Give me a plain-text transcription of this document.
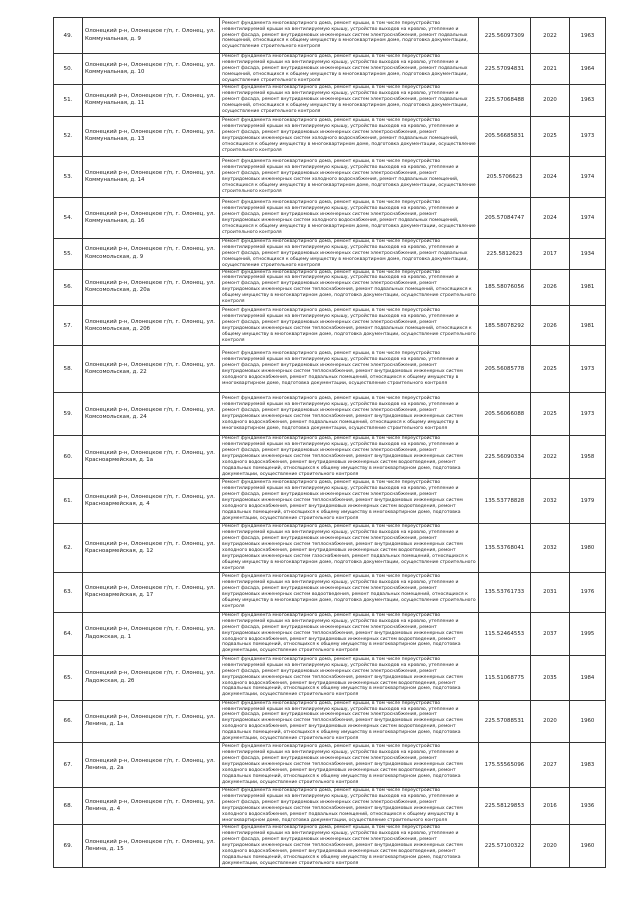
49.	Олонецкий р-н, Олонецкое г/п, г. Олонец, ул. Коммунальная, д. 9	Ремонт фундамента многоквартирного дома, ремонт крыши, в том числе переустройство невентилируемой крыши на вентилируемую крышу, устройство выходов на кровлю, утепление и ремонт фасада, ремонт внутридомовых инженерных систем электроснабжения, ремонт подвальных помещений, относящихся к общему имуществу в многоквартирном доме, подготовка документации, осуществление строительного контроля	225.56097309	2022	1963
50.	Олонецкий р-н, Олонецкое г/п, г. Олонец, ул. Коммунальная, д. 10	Ремонт фундамента многоквартирного дома, ремонт крыши, в том числе переустройство невентилируемой крыши на вентилируемую крышу, устройство выходов на кровлю, утепление и ремонт фасада, ремонт внутридомовых инженерных систем электроснабжения, ремонт подвальных помещений, относящихся к общему имуществу в многоквартирном доме, подготовка документации, осуществление строительного контроля	225.57094831	2021	1964
51.	Олонецкий р-н, Олонецкое г/п, г. Олонец, ул. Коммунальная, д. 11	Ремонт фундамента многоквартирного дома, ремонт крыши, в том числе переустройство невентилируемой крыши на вентилируемую крышу, устройство выходов на кровлю, утепление и ремонт фасада, ремонт внутридомовых инженерных систем электроснабжения, ремонт подвальных помещений, относящихся к общему имуществу в многоквартирном доме, подготовка документации, осуществление строительного контроля	225.57068488	2020	1963
52.	Олонецкий р-н, Олонецкое г/п, г. Олонец, ул. Коммунальная, д. 13	Ремонт фундамента многоквартирного дома, ремонт крыши, в том числе переустройство невентилируемой крыши на вентилируемую крышу, устройство выходов на кровлю, утепление и ремонт фасада, ремонт внутридомовых инженерных систем электроснабжения, ремонт внутридомовых инженерных систем холодного водоснабжения, ремонт подвальных помещений, относящихся к общему имуществу в многоквартирном доме, подготовка документации, осуществление строительного контроля	205.56685831	2025	1973
53.	Олонецкий р-н, Олонецкое г/п, г. Олонец, ул. Коммунальная, д. 14	Ремонт фундамента многоквартирного дома, ремонт крыши, в том числе переустройство невентилируемой крыши на вентилируемую крышу, устройство выходов на кровлю, утепление и ремонт фасада, ремонт внутридомовых инженерных систем электроснабжения, ремонт внутридомовых инженерных систем холодного водоснабжения, ремонт подвальных помещений, относящихся к общему имуществу в многоквартирном доме, подготовка документации, осуществление строительного контроля	205.5706623	2024	1974
54.	Олонецкий р-н, Олонецкое г/п, г. Олонец, ул. Коммунальная, д. 16	Ремонт фундамента многоквартирного дома, ремонт крыши, в том числе переустройство невентилируемой крыши на вентилируемую крышу, устройство выходов на кровлю, утепление и ремонт фасада, ремонт внутридомовых инженерных систем электроснабжения, ремонт внутридомовых инженерных систем холодного водоснабжения, ремонт подвальных помещений, относящихся к общему имуществу в многоквартирном доме, подготовка документации, осуществление строительного контроля	205.57084747	2024	1974
55.	Олонецкий р-н, Олонецкое г/п, г. Олонец, ул. Комсомольская, д. 9	Ремонт фундамента многоквартирного дома, ремонт крыши, в том числе переустройство невентилируемой крыши на вентилируемую крышу, устройство выходов на кровлю, утепление и ремонт фасада, ремонт внутридомовых инженерных систем электроснабжения, ремонт подвальных помещений, относящихся к общему имуществу в многоквартирном доме, подготовка документации, осуществление строительного контроля	225.5812623	2017	1934
56.	Олонецкий р-н, Олонецкое г/п, г. Олонец, ул. Комсомольская, д. 20а	Ремонт фундамента многоквартирного дома, ремонт крыши, в том числе переустройство невентилируемой крыши на вентилируемую крышу, устройство выходов на кровлю, утепление и ремонт фасада, ремонт внутридомовых инженерных систем электроснабжения, ремонт внутридомовых инженерных систем теплоснабжения, ремонт подвальных помещений, относящихся к общему имуществу в многоквартирном доме, подготовка документации, осуществление строительного контроля	185.58076056	2026	1981
57.	Олонецкий р-н, Олонецкое г/п, г. Олонец, ул. Комсомольская, д. 20б	Ремонт фундамента многоквартирного дома, ремонт крыши, в том числе переустройство невентилируемой крыши на вентилируемую крышу, устройство выходов на кровлю, утепление и ремонт фасада, ремонт внутридомовых инженерных систем электроснабжения, ремонт внутридомовых инженерных систем теплоснабжения, ремонт подвальных помещений, относящихся к общему имуществу в многоквартирном доме, подготовка документации, осуществление строительного контроля	185.58078292	2026	1981
58.	Олонецкий р-н, Олонецкое г/п, г. Олонец, ул. Комсомольская, д. 22	Ремонт фундамента многоквартирного дома, ремонт крыши, в том числе переустройство невентилируемой крыши на вентилируемую крышу, устройство выходов на кровлю, утепление и ремонт фасада, ремонт внутридомовых инженерных систем электроснабжения, ремонт внутридомовых инженерных систем теплоснабжения, ремонт внутридомовых инженерных систем холодного водоснабжения, ремонт подвальных помещений, относящихся к общему имуществу в многоквартирном доме, подготовка документации, осуществление строительного контроля	205.56085778	2025	1973
59.	Олонецкий р-н, Олонецкое г/п, г. Олонец, ул. Комсомольская, д. 24	Ремонт фундамента многоквартирного дома, ремонт крыши, в том числе переустройство невентилируемой крыши на вентилируемую крышу, устройство выходов на кровлю, утепление и ремонт фасада, ремонт внутридомовых инженерных систем электроснабжения, ремонт внутридомовых инженерных систем теплоснабжения, ремонт внутридомовых инженерных систем холодного водоснабжения, ремонт подвальных помещений, относящихся к общему имуществу в многоквартирном доме, подготовка документации, осуществление строительного контроля	205.56066088	2025	1973
60.	Олонецкий р-н, Олонецкое г/п, г. Олонец, ул. Красноармейская, д. 1а	Ремонт фундамента многоквартирного дома, ремонт крыши, в том числе переустройство невентилируемой крыши на вентилируемую крышу, устройство выходов на кровлю, утепление и ремонт фасада, ремонт внутридомовых инженерных систем электроснабжения, ремонт внутридомовых инженерных систем теплоснабжения, ремонт внутридомовых инженерных систем холодного водоснабжения, ремонт внутридомовых инженерных систем водоотведения, ремонт подвальных помещений, относящихся к общему имуществу в многоквартирном доме, подготовка документации, осуществление строительного контроля	225.56090334	2022	1958
61.	Олонецкий р-н, Олонецкое г/п, г. Олонец, ул. Красноармейская, д. 4	Ремонт фундамента многоквартирного дома, ремонт крыши, в том числе переустройство невентилируемой крыши на вентилируемую крышу, устройство выходов на кровлю, утепление и ремонт фасада, ремонт внутридомовых инженерных систем электроснабжения, ремонт внутридомовых инженерных систем теплоснабжения, ремонт внутридомовых инженерных систем холодного водоснабжения, ремонт внутридомовых инженерных систем водоотведения, ремонт подвальных помещений, относящихся к общему имуществу в многоквартирном доме, подготовка документации, осуществление строительного контроля	135.53778828	2032	1979
62.	Олонецкий р-н, Олонецкое г/п, г. Олонец, ул. Красноармейская, д. 12	Ремонт фундамента многоквартирного дома, ремонт крыши, в том числе переустройство невентилируемой крыши на вентилируемую крышу, устройство выходов на кровлю, утепление и ремонт фасада, ремонт внутридомовых инженерных систем электроснабжения, ремонт внутридомовых инженерных систем теплоснабжения, ремонт внутридомовых инженерных систем холодного водоснабжения, ремонт внутридомовых инженерных систем водоотведения, ремонт внутридомовых инженерных систем газоснабжения, ремонт подвальных помещений, относящихся к общему имуществу в многоквартирном доме, подготовка документации, осуществление строительного контроля	135.53768041	2032	1980
63.	Олонецкий р-н, Олонецкое г/п, г. Олонец, ул. Красноармейская, д. 17	Ремонт фундамента многоквартирного дома, ремонт крыши, в том числе переустройство невентилируемой крыши на вентилируемую крышу, устройство выходов на кровлю, утепление и ремонт фасада, ремонт внутридомовых инженерных систем электроснабжения, ремонт внутридомовых инженерных систем водоотведения, ремонт подвальных помещений, относящихся к общему имуществу в многоквартирном доме, подготовка документации, осуществление строительного контроля	135.53761733	2031	1976
64.	Олонецкий р-н, Олонецкое г/п, г. Олонец, ул. Ладожская, д. 1	Ремонт фундамента многоквартирного дома, ремонт крыши, в том числе переустройство невентилируемой крыши на вентилируемую крышу, устройство выходов на кровлю, утепление и ремонт фасада, ремонт внутридомовых инженерных систем электроснабжения, ремонт внутридомовых инженерных систем теплоснабжения, ремонт внутридомовых инженерных систем холодного водоснабжения, ремонт внутридомовых инженерных систем водоотведения, ремонт подвальных помещений, относящихся к общему имуществу в многоквартирном доме, подготовка документации, осуществление строительного контроля	115.52464553	2037	1995
65.	Олонецкий р-н, Олонецкое г/п, г. Олонец, ул. Ладожская, д. 2б	Ремонт фундамента многоквартирного дома, ремонт крыши, в том числе переустройство невентилируемой крыши на вентилируемую крышу, устройство выходов на кровлю, утепление и ремонт фасада, ремонт внутридомовых инженерных систем электроснабжения, ремонт внутридомовых инженерных систем теплоснабжения, ремонт внутридомовых инженерных систем холодного водоснабжения, ремонт внутридомовых инженерных систем водоотведения, ремонт подвальных помещений, относящихся к общему имуществу в многоквартирном доме, подготовка документации, осуществление строительного контроля	115.51068775	2035	1984
66.	Олонецкий р-н, Олонецкое г/п, г. Олонец, ул. Ленина, д. 1а	Ремонт фундамента многоквартирного дома, ремонт крыши, в том числе переустройство невентилируемой крыши на вентилируемую крышу, устройство выходов на кровлю, утепление и ремонт фасада, ремонт внутридомовых инженерных систем электроснабжения, ремонт внутридомовых инженерных систем теплоснабжения, ремонт внутридомовых инженерных систем холодного водоснабжения, ремонт внутридомовых инженерных систем водоотведения, ремонт подвальных помещений, относящихся к общему имуществу в многоквартирном доме, подготовка документации, осуществление строительного контроля	225.57088531	2020	1960
67.	Олонецкий р-н, Олонецкое г/п, г. Олонец, ул. Ленина, д. 2а	Ремонт фундамента многоквартирного дома, ремонт крыши, в том числе переустройство невентилируемой крыши на вентилируемую крышу, устройство выходов на кровлю, утепление и ремонт фасада, ремонт внутридомовых инженерных систем электроснабжения, ремонт внутридомовых инженерных систем теплоснабжения, ремонт внутридомовых инженерных систем холодного водоснабжения, ремонт внутридомовых инженерных систем водоотведения, ремонт подвальных помещений, относящихся к общему имуществу в многоквартирном доме, подготовка документации, осуществление строительного контроля	175.55565096	2027	1983
68.	Олонецкий р-н, Олонецкое г/п, г. Олонец, ул. Ленина, д. 4	Ремонт фундамента многоквартирного дома, ремонт крыши, в том числе переустройство невентилируемой крыши на вентилируемую крышу, устройство выходов на кровлю, утепление и ремонт фасада, ремонт внутридомовых инженерных систем электроснабжения, ремонт внутридомовых инженерных систем теплоснабжения, ремонт внутридомовых инженерных систем холодного водоснабжения, ремонт подвальных помещений, относящихся к общему имуществу в многоквартирном доме, подготовка документации, осуществление строительного контроля	225.58129853	2016	1936
69.	Олонецкий р-н, Олонецкое г/п, г. Олонец, ул. Ленина, д. 15	Ремонт фундамента многоквартирного дома, ремонт крыши, в том числе переустройство невентилируемой крыши на вентилируемую крышу, устройство выходов на кровлю, утепление и ремонт фасада, ремонт внутридомовых инженерных систем электроснабжения, ремонт внутридомовых инженерных систем теплоснабжения, ремонт внутридомовых инженерных систем холодного водоснабжения, ремонт внутридомовых инженерных систем водоотведения, ремонт подвальных помещений, относящихся к общему имуществу в многоквартирном доме, подготовка документации, осуществление строительного контроля	225.57100322	2020	1960
